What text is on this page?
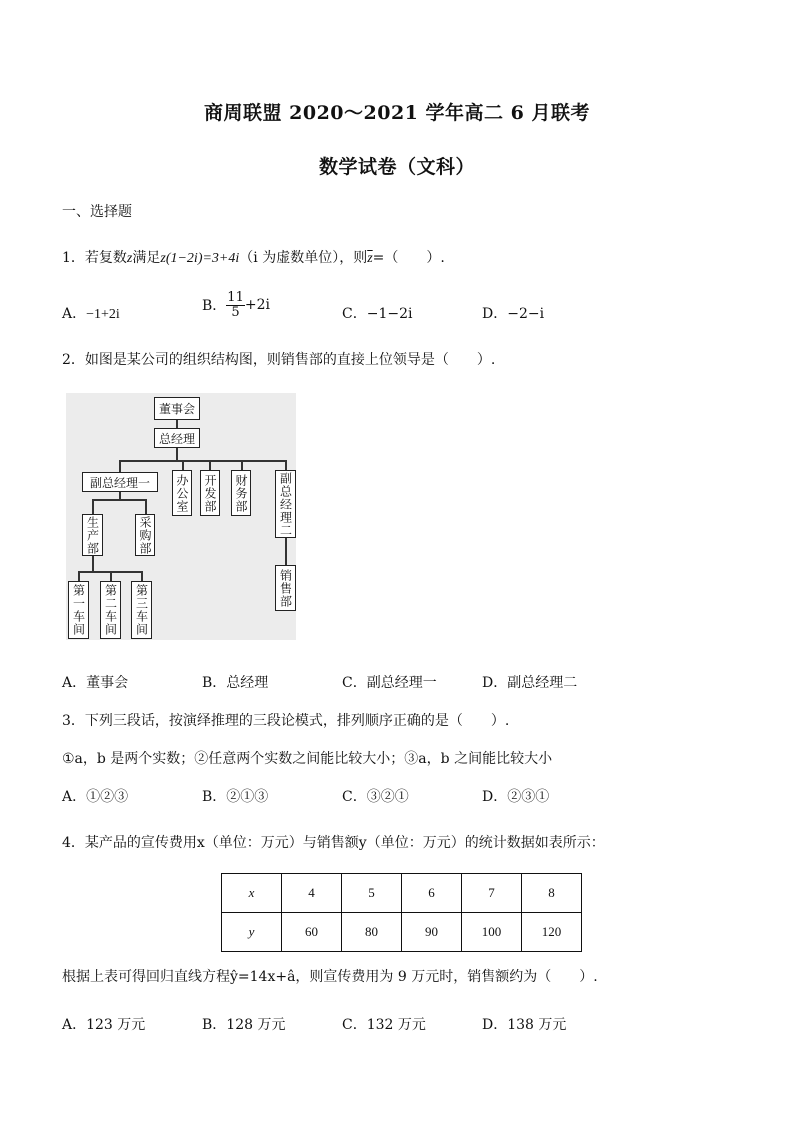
商周联盟 2020～2021 学年高二 6 月联考
数学试卷（文科）
一、选择题
1．若复数z满足z(1−2i)=3+4i（i 为虚数单位），则$\overline{z}=$（　　）.
A．−1+2i
B． $\frac{11}{5} +2i$
C．−1−2i	D．−2−i
2．如图是某公司的组织结构图，则销售部的直接上位领导是（　　）.
董事会
总经理
副总经理一	办公室 开发部 财务部	副总经理二
生产部	采购部
销售部
第一车间 第二车间 第三车间
A．董事会	B．总经理	C．副总经理一	D．副总经理二
3．下列三段话，按演绎推理的三段论模式，排列顺序正确的是（　　）.
①a，b 是两个实数；②任意两个实数之间能比较大小；③a，b 之间能比较大小
A．①②③	B．②①③	C．③②①	D．②③①
4．某产品的宣传费用x（单位：万元）与销售额y（单位：万元）的统计数据如表所示：
x	4	5	6	7	8
y	60	80	90	100	120
根据上表可得回归直线方程ŷ=14x+â，则宣传费用为 9 万元时，销售额约为（　　）.
A．123 万元	B．128 万元	C．132 万元	D．138 万元
